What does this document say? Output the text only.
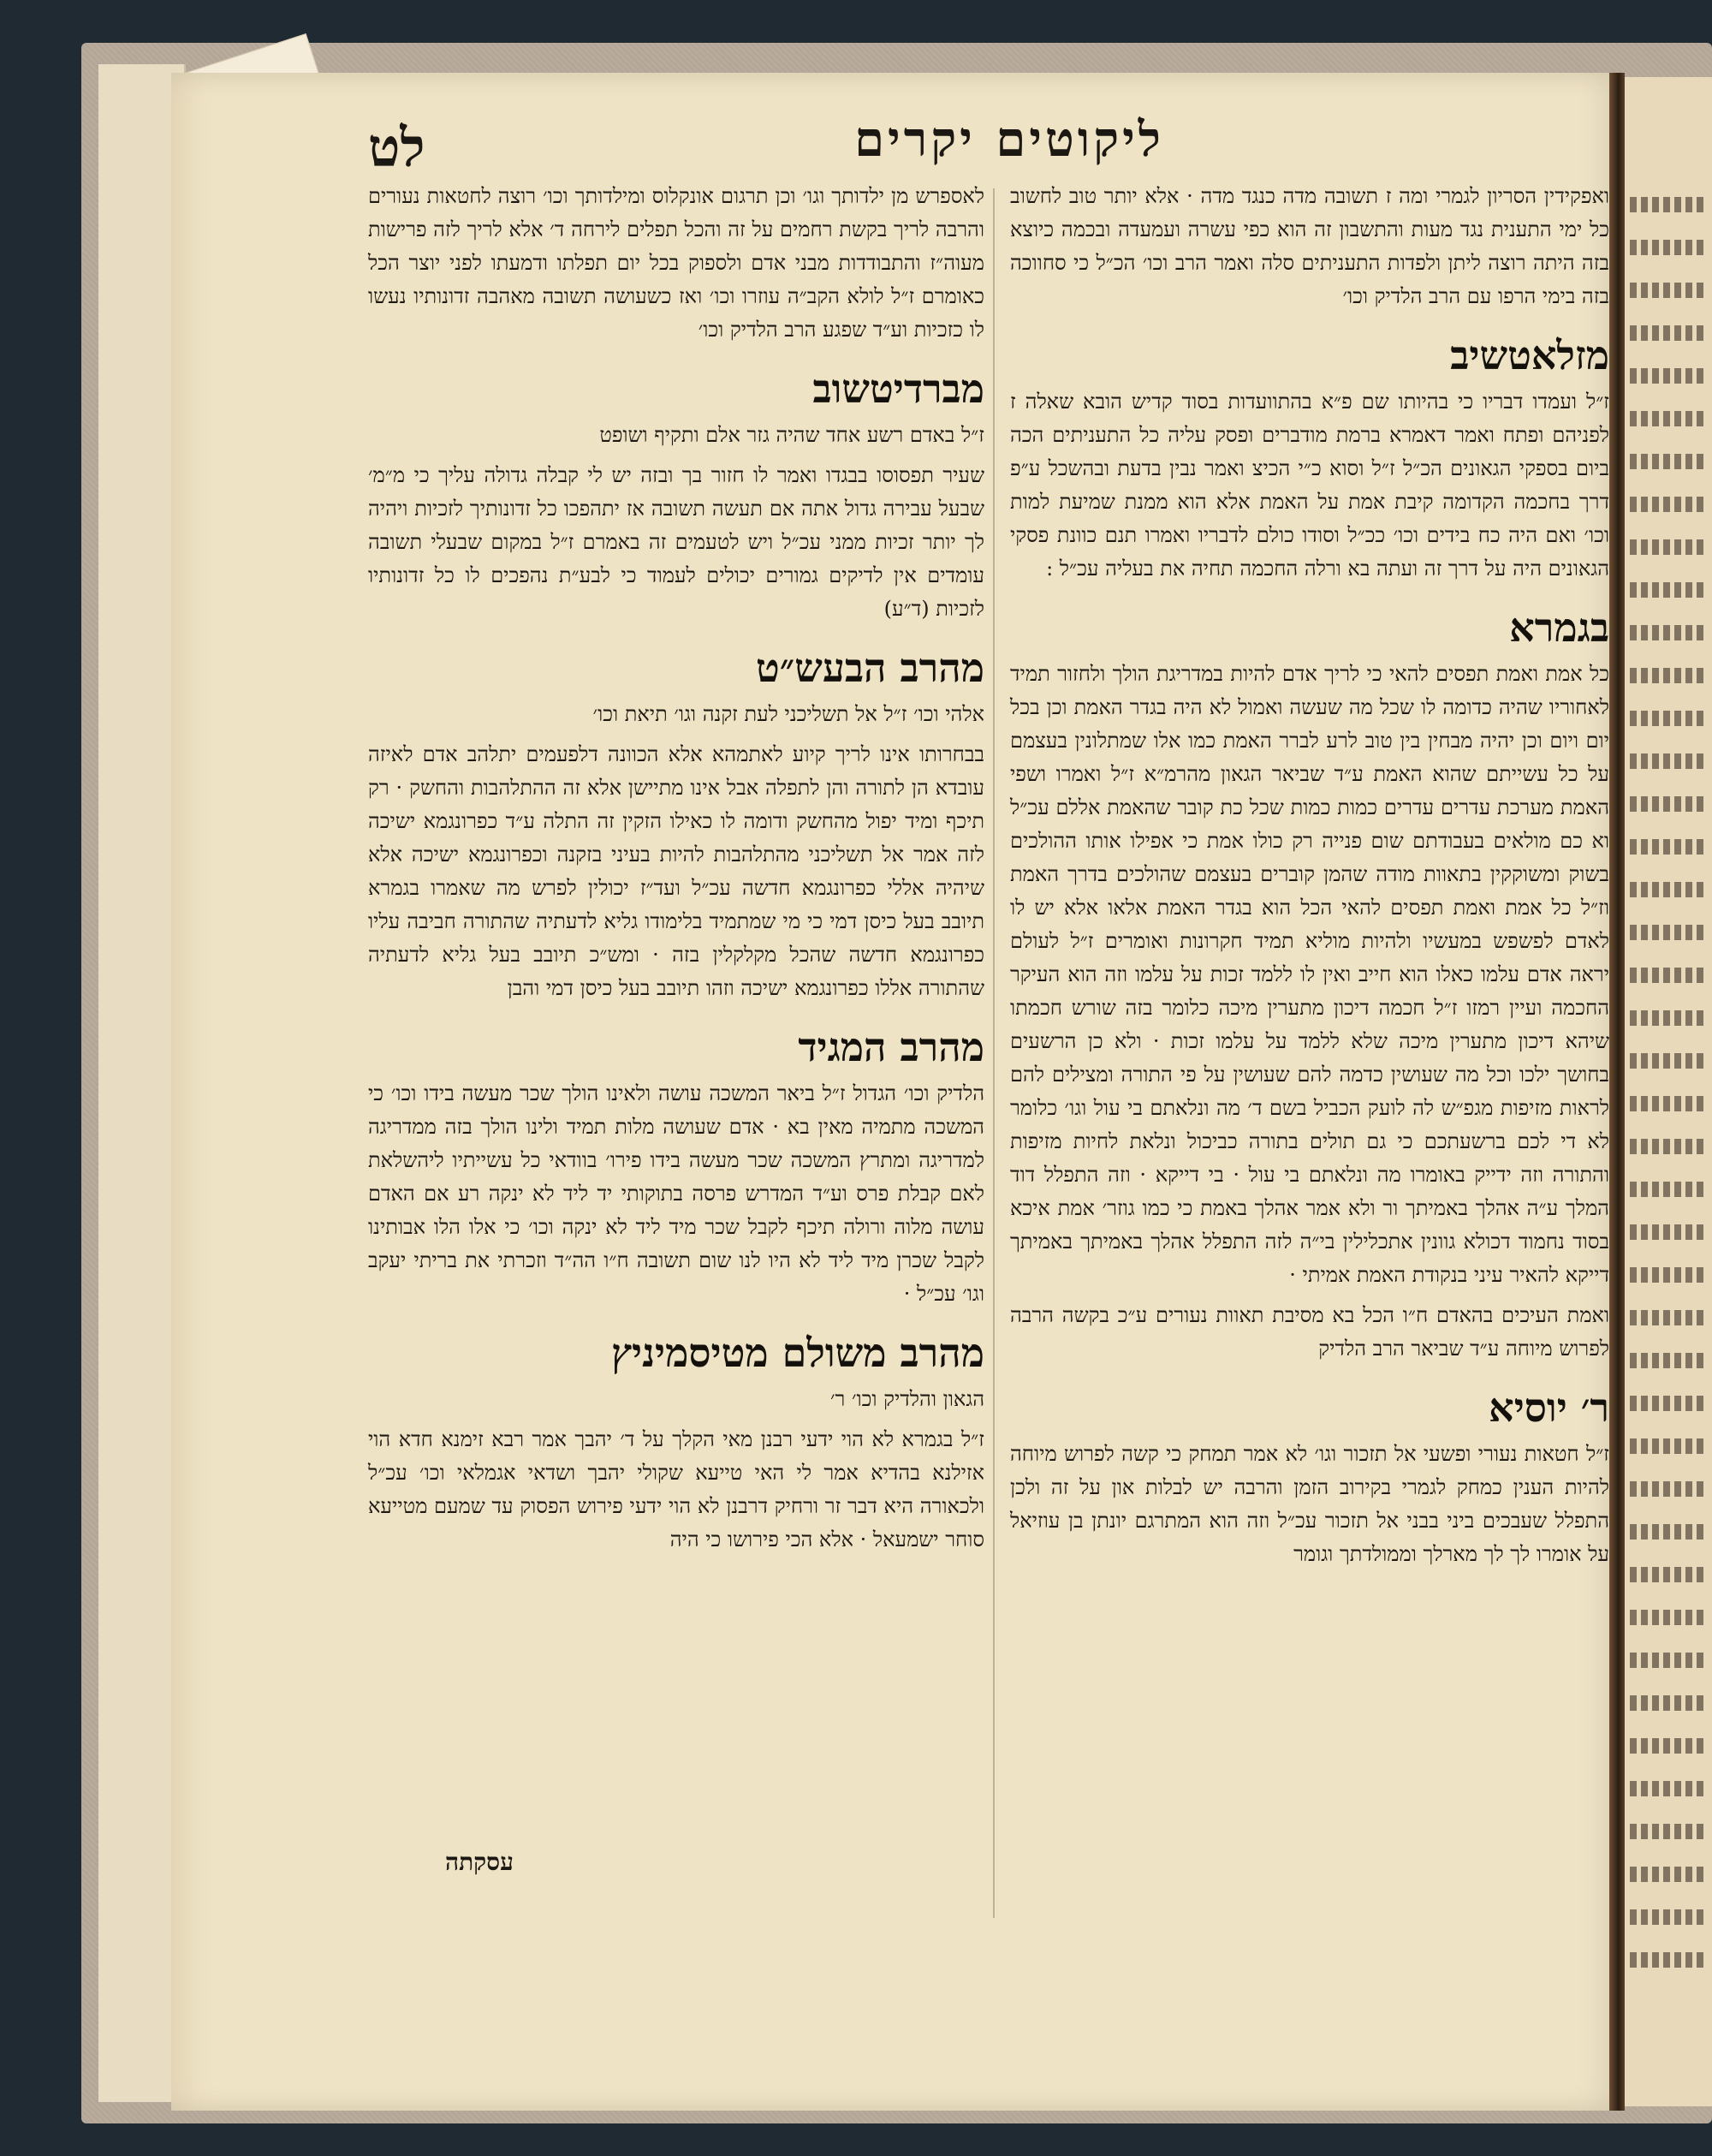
ליקוטים יקרים
לט

ואפקידין הסריון לגמרי ומה ז תשובה מדה כנגד מדה · אלא יותר טוב לחשוב כל ימי התענית נגד מעות והתשבון זה הוא כפי עשרה ועמעדה ובכמה כיוצא בזה היתה רוצה ליתן ולפדות התעניתים סלה ואמר הרב וכו׳ הכ״ל כי סחווכה בזה בימי הרפו עם הרב הלדיק וכו׳

מזלאטשיב

ז״ל ועמדו דבריו כי בהיותו שם פ״א בהתוועדות בסוד קדיש הובא שאלה ז לפניהם ופתח ואמר דאמרא ברמת מודברים ופסק עליה כל התעניתים הכה ביום בספקי הגאונים הכ״ל ז״ל וסוא כ״י הכיצ ואמר נבין בדעת ובהשכל ע״פ דרך בחכמה הקדומה קיבת אמת על האמת אלא הוא ממנת שמיעת למות וכו׳ ואם היה כח בידים וכו׳ ככ״ל וסודו כולם לדבריו ואמרו תנם כוונת פסקי הגאונים היה על דרך זה ועתה בא ורלה החכמה תחיה את בעליה עכ״ל :

בגמרא

כל אמת ואמת תפסים להאי כי לריך אדם להיות במדריגת הולך ולחזור תמיד לאחוריו שהיה כדומה לו שכל מה שעשה ואמול לא היה בגדר האמת וכן בכל יום ויום וכן יהיה מבחין בין טוב לרע לברר האמת כמו אלו שמתלונין בעצמם על כל עשייתם שהוא האמת ע״ד שביאר הגאון מהרמ״א ז״ל ואמרו ושפי האמת מערכת עדרים עדרים כמות כמות שכל כת קובר שהאמת אללם עכ״ל וא כם מולאים בעבודתם שום פנייה רק כולו אמת כי אפילו אותו ההולכים בשוק ומשוקקין בתאוות מודה שהמן קוברים בעצמם שהולכים בדרך האמת וז״ל כל אמת ואמת תפסים להאי הכל הוא בגדר האמת אלאו אלא יש לו לאדם לפשפש במעשיו ולהיות מוליא תמיד חקרונות ואומרים ז״ל לעולם יראה אדם עלמו כאלו הוא חייב ואין לו ללמד זכות על עלמו וזה הוא העיקר החכמה ועיין רמזו ז״ל חכמה דיכון מתערין מיכה כלומר בזה שורש חכמתו שיהא דיכון מתערין מיכה שלא ללמד על עלמו זכות · ולא כן הרשעים בחושך ילכו וכל מה שעושין כדמה להם שעושין על פי התורה ומצילים להם לראות מזיפות מגפ״ש לה לועק הכביל בשם ד׳ מה ונלאתם בי עול וגו׳ כלומר לא די לכם ברשעתכם כי גם תולים בתורה כביכול ונלאת לחיות מזיפות והתורה וזה ידייק באומרו מה ונלאתם בי עול · בי דייקא · וזה התפלל דוד המלך ע״ה אהלך באמיתך ור ולא אמר אהלך באמת כי כמו גוזר׳ אמת איכא בסוד נחמוד דכולא גוונין אתכלילין בי״ה לזה התפלל אהלך באמיתך באמיתך דייקא להאיר עיני בנקודת האמת אמיתי ·

ואמת העיכים בהאדם ח״ו הכל בא מסיבת תאוות נעורים ע״כ בקשה הרבה לפרוש מיוחה ע״ד שביאר הרב הלדיק

ר׳ יוסיא

ז״ל חטאות נעורי ופשעי אל תזכור וגו׳ לא אמר תמחק כי קשה לפרוש מיוחה להיות הענין כמחק לגמרי בקירוב הזמן והרבה יש לבלות און על זה ולכן התפלל שעבכים ביני בבני אל תזכור עכ״ל וזה הוא המתרגם יונתן בן עוזיאל על אומרו לך לך מארלך וממולדתך וגומר

לאספרש מן ילדותך וגו׳ וכן תרגום אונקלוס ומילדותך וכו׳ רוצה לחטאות נעורים והרבה לריך בקשת רחמים על זה והכל תפלים לירחה ד׳ אלא לריך לזה פרישות מעוה״ז והתבודדות מבני אדם ולספוק בכל יום תפלתו ודמעתו לפני יוצר הכל כאומרם ז״ל לולא הקב״ה עוזרו וכו׳ ואז כשעושה תשובה מאהבה זדונותיו נעשו לו כזכיות וע״ד שפגע הרב הלדיק וכו׳

מברדיטשוב

ז״ל באדם רשע אחד שהיה גזר אלם ותקיף ושופט

שעיר תפסוסו בבגדו ואמר לו חזור בך ובזה יש לי קבלה גדולה עליך כי מ״מ׳ שבעל עבירה גדול אתה אם תעשה תשובה אז יתהפכו כל זדונותיך לזכיות ויהיה לך יותר זכיות ממני עכ״ל ויש לטעמים זה באמרם ז״ל במקום שבעלי תשובה עומדים אין לדיקים גמורים יכולים לעמוד כי לבע״ת נהפכים לו כל זדונותיו לזכיות (ד״ע)

מהרב הבעש״ט

אלהי וכו׳ ז״ל אל תשליכני לעת זקנה וגו׳ תיאת וכו׳

בבחרותו אינו לריך קיוע לאתמהא אלא הכוונה דלפעמים יתלהב אדם לאיזה עובדא הן לתורה והן לתפלה אבל אינו מתיישן אלא זה ההתלהבות והחשק · רק תיכף ומיד יפול מהחשק ודומה לו כאילו הזקין זה התלה ע״ד כפרונגמא ישיכה לזה אמר אל תשליכני מהתלהבות להיות בעיני בזקנה וכפרונגמא ישיכה אלא שיהיה אללי כפרונגמא חדשה עכ״ל ועד״ז יכולין לפרש מה שאמרו בגמרא תיובב בעל כיסן דמי כי מי שמתמיד בלימודו גליא לדעתיה שהתורה חביבה עליו כפרונגמא חדשה שהכל מקלקלין בזה · ומש״כ תיובב בעל גליא לדעתיה שהתורה אללו כפרונגמא ישיכה וזהו תיובב בעל כיסן דמי והבן

מהרב המגיד

הלדיק וכו׳ הגדול ז״ל ביאר המשכה עושה ולאינו הולך שכר מעשה בידו וכו׳ כי המשכה מתמיה מאין בא · אדם שעושה מלות תמיד ולינו הולך בזה ממדריגה למדריגה ומתרץ המשכה שכר מעשה בידו פירו׳ בוודאי כל עשייתיו ליהשלאת לאם קבלת פרס וע״ד המדרש פרסה בתוקותי יד ליד לא ינקה רע אם האדם עושה מלוה ורולה תיכף לקבל שכר מיד ליד לא ינקה וכו׳ כי אלו הלו אבותינו לקבל שכרן מיד ליד לא היו לנו שום תשובה ח״ו הה״ד וזכרתי את בריתי יעקב וגו׳ עכ״ל ·

מהרב משולם מטיסמיניץ

הגאון והלדיק וכו׳ ר׳

ז״ל בגמרא לא הוי ידעי רבנן מאי הקלך על ד׳ יהבך אמר רבא זימנא חדא הוי אזילנא בהדיא אמר לי האי טייעא שקולי יהבך ושדאי אגמלאי וכו׳ עכ״ל ולכאורה היא דבר זר ורחיק דרבנן לא הוי ידעי פירוש הפסוק עד שמעם מטייעא סוחר ישמעאל · אלא הכי פירושו כי היה

עסקתה
